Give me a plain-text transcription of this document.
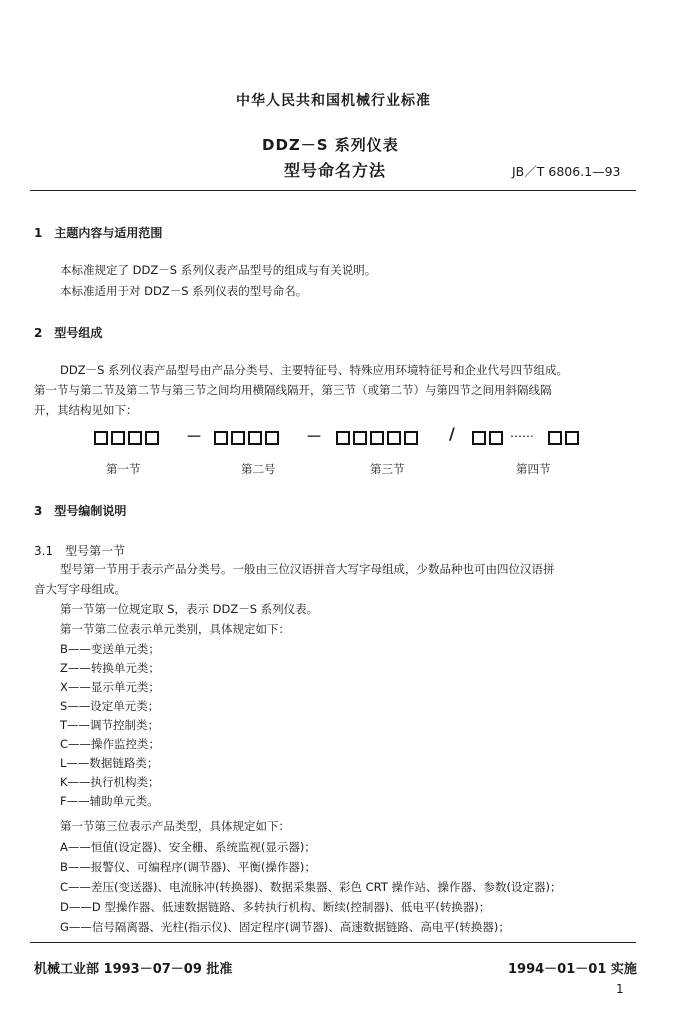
中华人民共和国机械行业标准
DDZ－S 系列仪表
型号命名方法	JB／T 6806.1—93
1　主题内容与适用范围
本标准规定了 DDZ－S 系列仪表产品型号的组成与有关说明。
本标准适用于对 DDZ－S 系列仪表的型号命名。
2　型号组成
DDZ－S 系列仪表产品型号由产品分类号、主要特征号、特殊应用环境特征号和企业代号四节组成。
第一节与第二节及第二节与第三节之间均用横隔线隔开，第三节（或第二节）与第四节之间用斜隔线隔
开，其结构见如下：
－	－	/	……
第一节	第二号	第三节	第四节
3　型号编制说明
3.1　型号第一节
型号第一节用于表示产品分类号。一般由三位汉语拼音大写字母组成，少数品种也可由四位汉语拼
音大写字母组成。
第一节第一位规定取 S，表示 DDZ－S 系列仪表。
第一节第二位表示单元类别，具体规定如下：
B——变送单元类；
Z——转换单元类；
X——显示单元类；
S——设定单元类；
T——调节控制类；
C——操作监控类；
L——数据链路类；
K——执行机构类；
F——辅助单元类。
第一节第三位表示产品类型，具体规定如下：
A——恒值(设定器)、安全栅、系统监视(显示器)；
B——报警仪、可编程序(调节器)、平衡(操作器)；
C——差压(变送器)、电流脉冲(转换器)、数据采集器、彩色 CRT 操作站、操作器、参数(设定器)；
D——D 型操作器、低速数据链路、多转执行机构、断续(控制器)、低电平(转换器)；
G——信号隔离器、光柱(指示仪)、固定程序(调节器)、高速数据链路、高电平(转换器)；
机械工业部 1993－07－09 批准	1994－01－01 实施
1
